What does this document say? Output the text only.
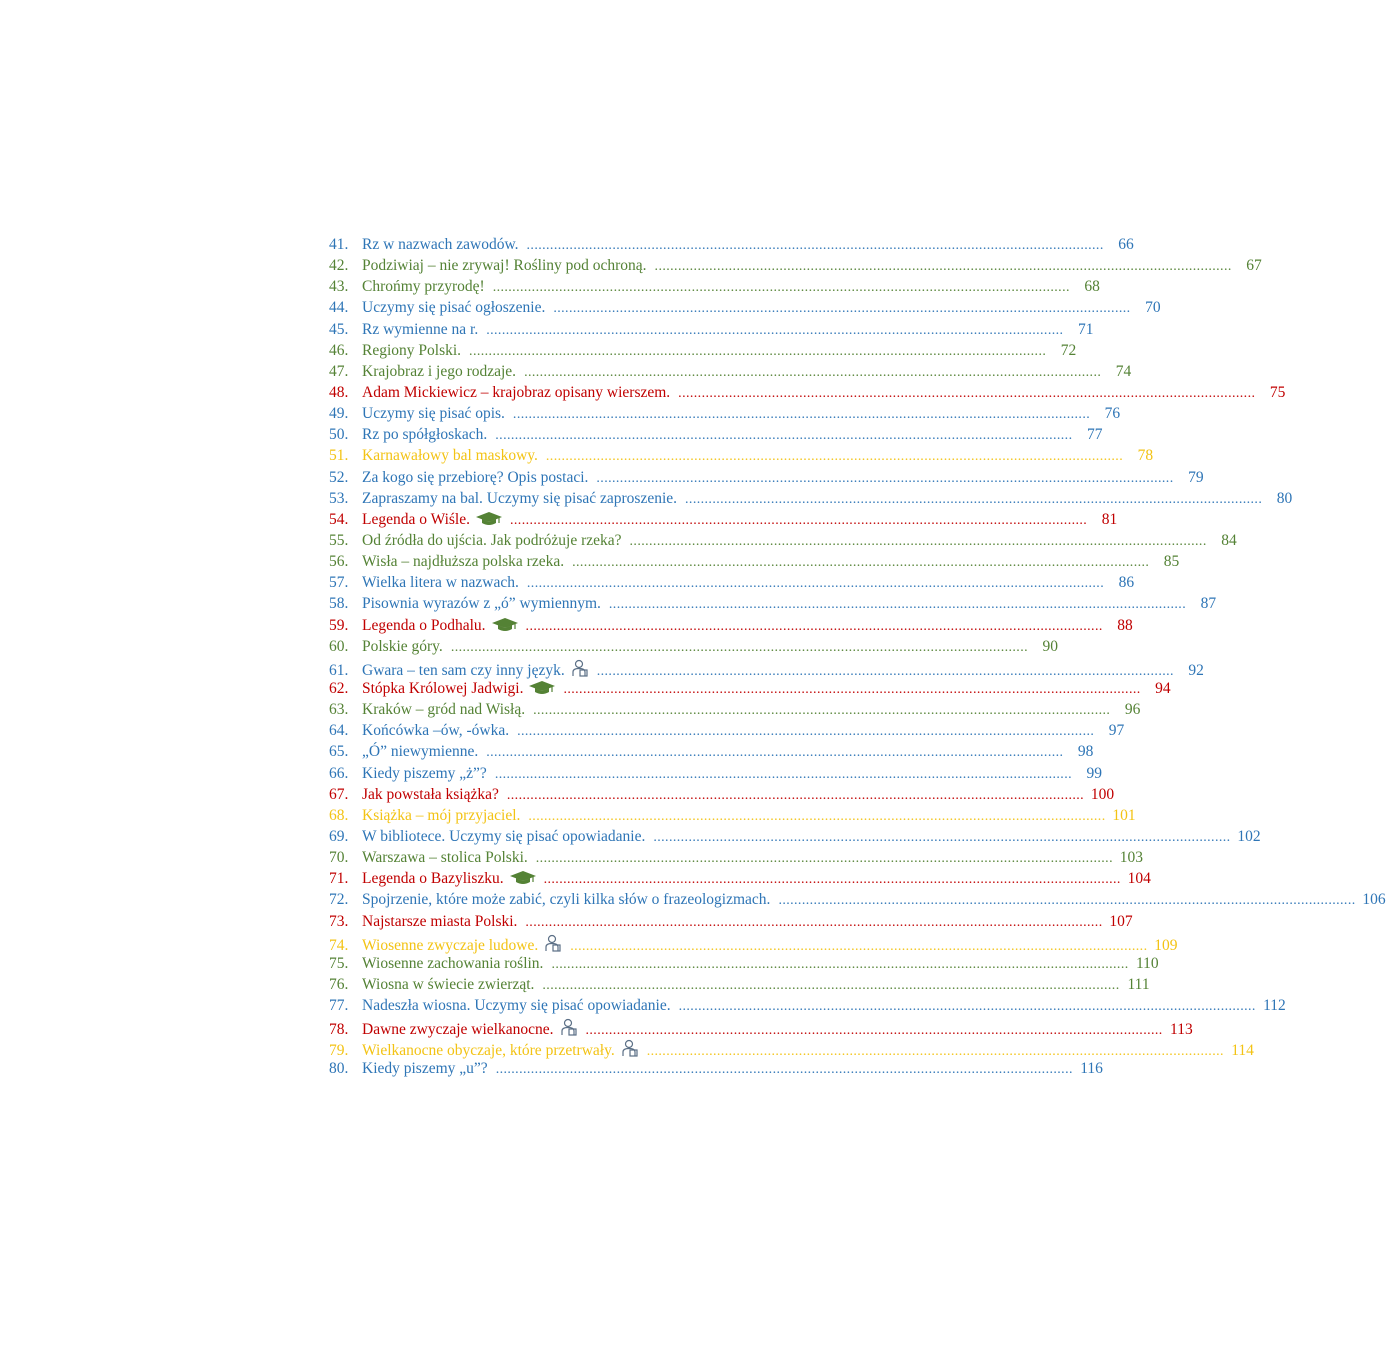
41. Rz w nazwach zawodów. .................................................................................................................................................... 66
42. Podziwiaj – nie zrywaj! Rośliny pod ochroną. .................................................................................................................................................... 67
43. Chrońmy przyrodę! .................................................................................................................................................... 68
44. Uczymy się pisać ogłoszenie. .................................................................................................................................................... 70
45. Rz wymienne na r. .................................................................................................................................................... 71
46. Regiony Polski. .................................................................................................................................................... 72
47. Krajobraz i jego rodzaje. .................................................................................................................................................... 74
48. Adam Mickiewicz – krajobraz opisany wierszem. .................................................................................................................................................... 75
49. Uczymy się pisać opis. .................................................................................................................................................... 76
50. Rz po spółgłoskach. .................................................................................................................................................... 77
51. Karnawałowy bal maskowy. .................................................................................................................................................... 78
52. Za kogo się przebiorę? Opis postaci. .................................................................................................................................................... 79
53. Zapraszamy na bal. Uczymy się pisać zaproszenie. .................................................................................................................................................... 80
54. Legenda o Wiśle.	.................................................................................................................................................... 81
55. Od źródła do ujścia. Jak podróżuje rzeka? .................................................................................................................................................... 84
56. Wisła – najdłuższa polska rzeka. .................................................................................................................................................... 85
57. Wielka litera w nazwach. .................................................................................................................................................... 86
58. Pisownia wyrazów z „ó” wymiennym. .................................................................................................................................................... 87
59. Legenda o Podhalu.	.................................................................................................................................................... 88
60. Polskie góry. .................................................................................................................................................... 90
61. Gwara – ten sam czy inny język. .................................................................................................................................................... 92
62. Stópka Królowej Jadwigi.	.................................................................................................................................................... 94
63. Kraków – gród nad Wisłą. .................................................................................................................................................... 96
64. Końcówka –ów, -ówka. .................................................................................................................................................... 97
65. „Ó” niewymienne. .................................................................................................................................................... 98
66. Kiedy piszemy „ż”? .................................................................................................................................................... 99
67. Jak powstała książka? .................................................................................................................................................... 100
68. Książka – mój przyjaciel. .................................................................................................................................................... 101
69. W bibliotece. Uczymy się pisać opowiadanie. .................................................................................................................................................... 102
70. Warszawa – stolica Polski. .................................................................................................................................................... 103
71. Legenda o Bazyliszku.	.................................................................................................................................................... 104
72. Spojrzenie, które może zabić, czyli kilka słów o frazeologizmach. .................................................................................................................................................... 106
73. Najstarsze miasta Polski. .................................................................................................................................................... 107
74. Wiosenne zwyczaje ludowe. .................................................................................................................................................... 109
75. Wiosenne zachowania roślin. .................................................................................................................................................... 110
76. Wiosna w świecie zwierząt. .................................................................................................................................................... 111
77. Nadeszła wiosna. Uczymy się pisać opowiadanie. .................................................................................................................................................... 112
78. Dawne zwyczaje wielkanocne. .................................................................................................................................................... 113
79. Wielkanocne obyczaje, które przetrwały. .................................................................................................................................................... 114
80. Kiedy piszemy „u”? .................................................................................................................................................... 116
